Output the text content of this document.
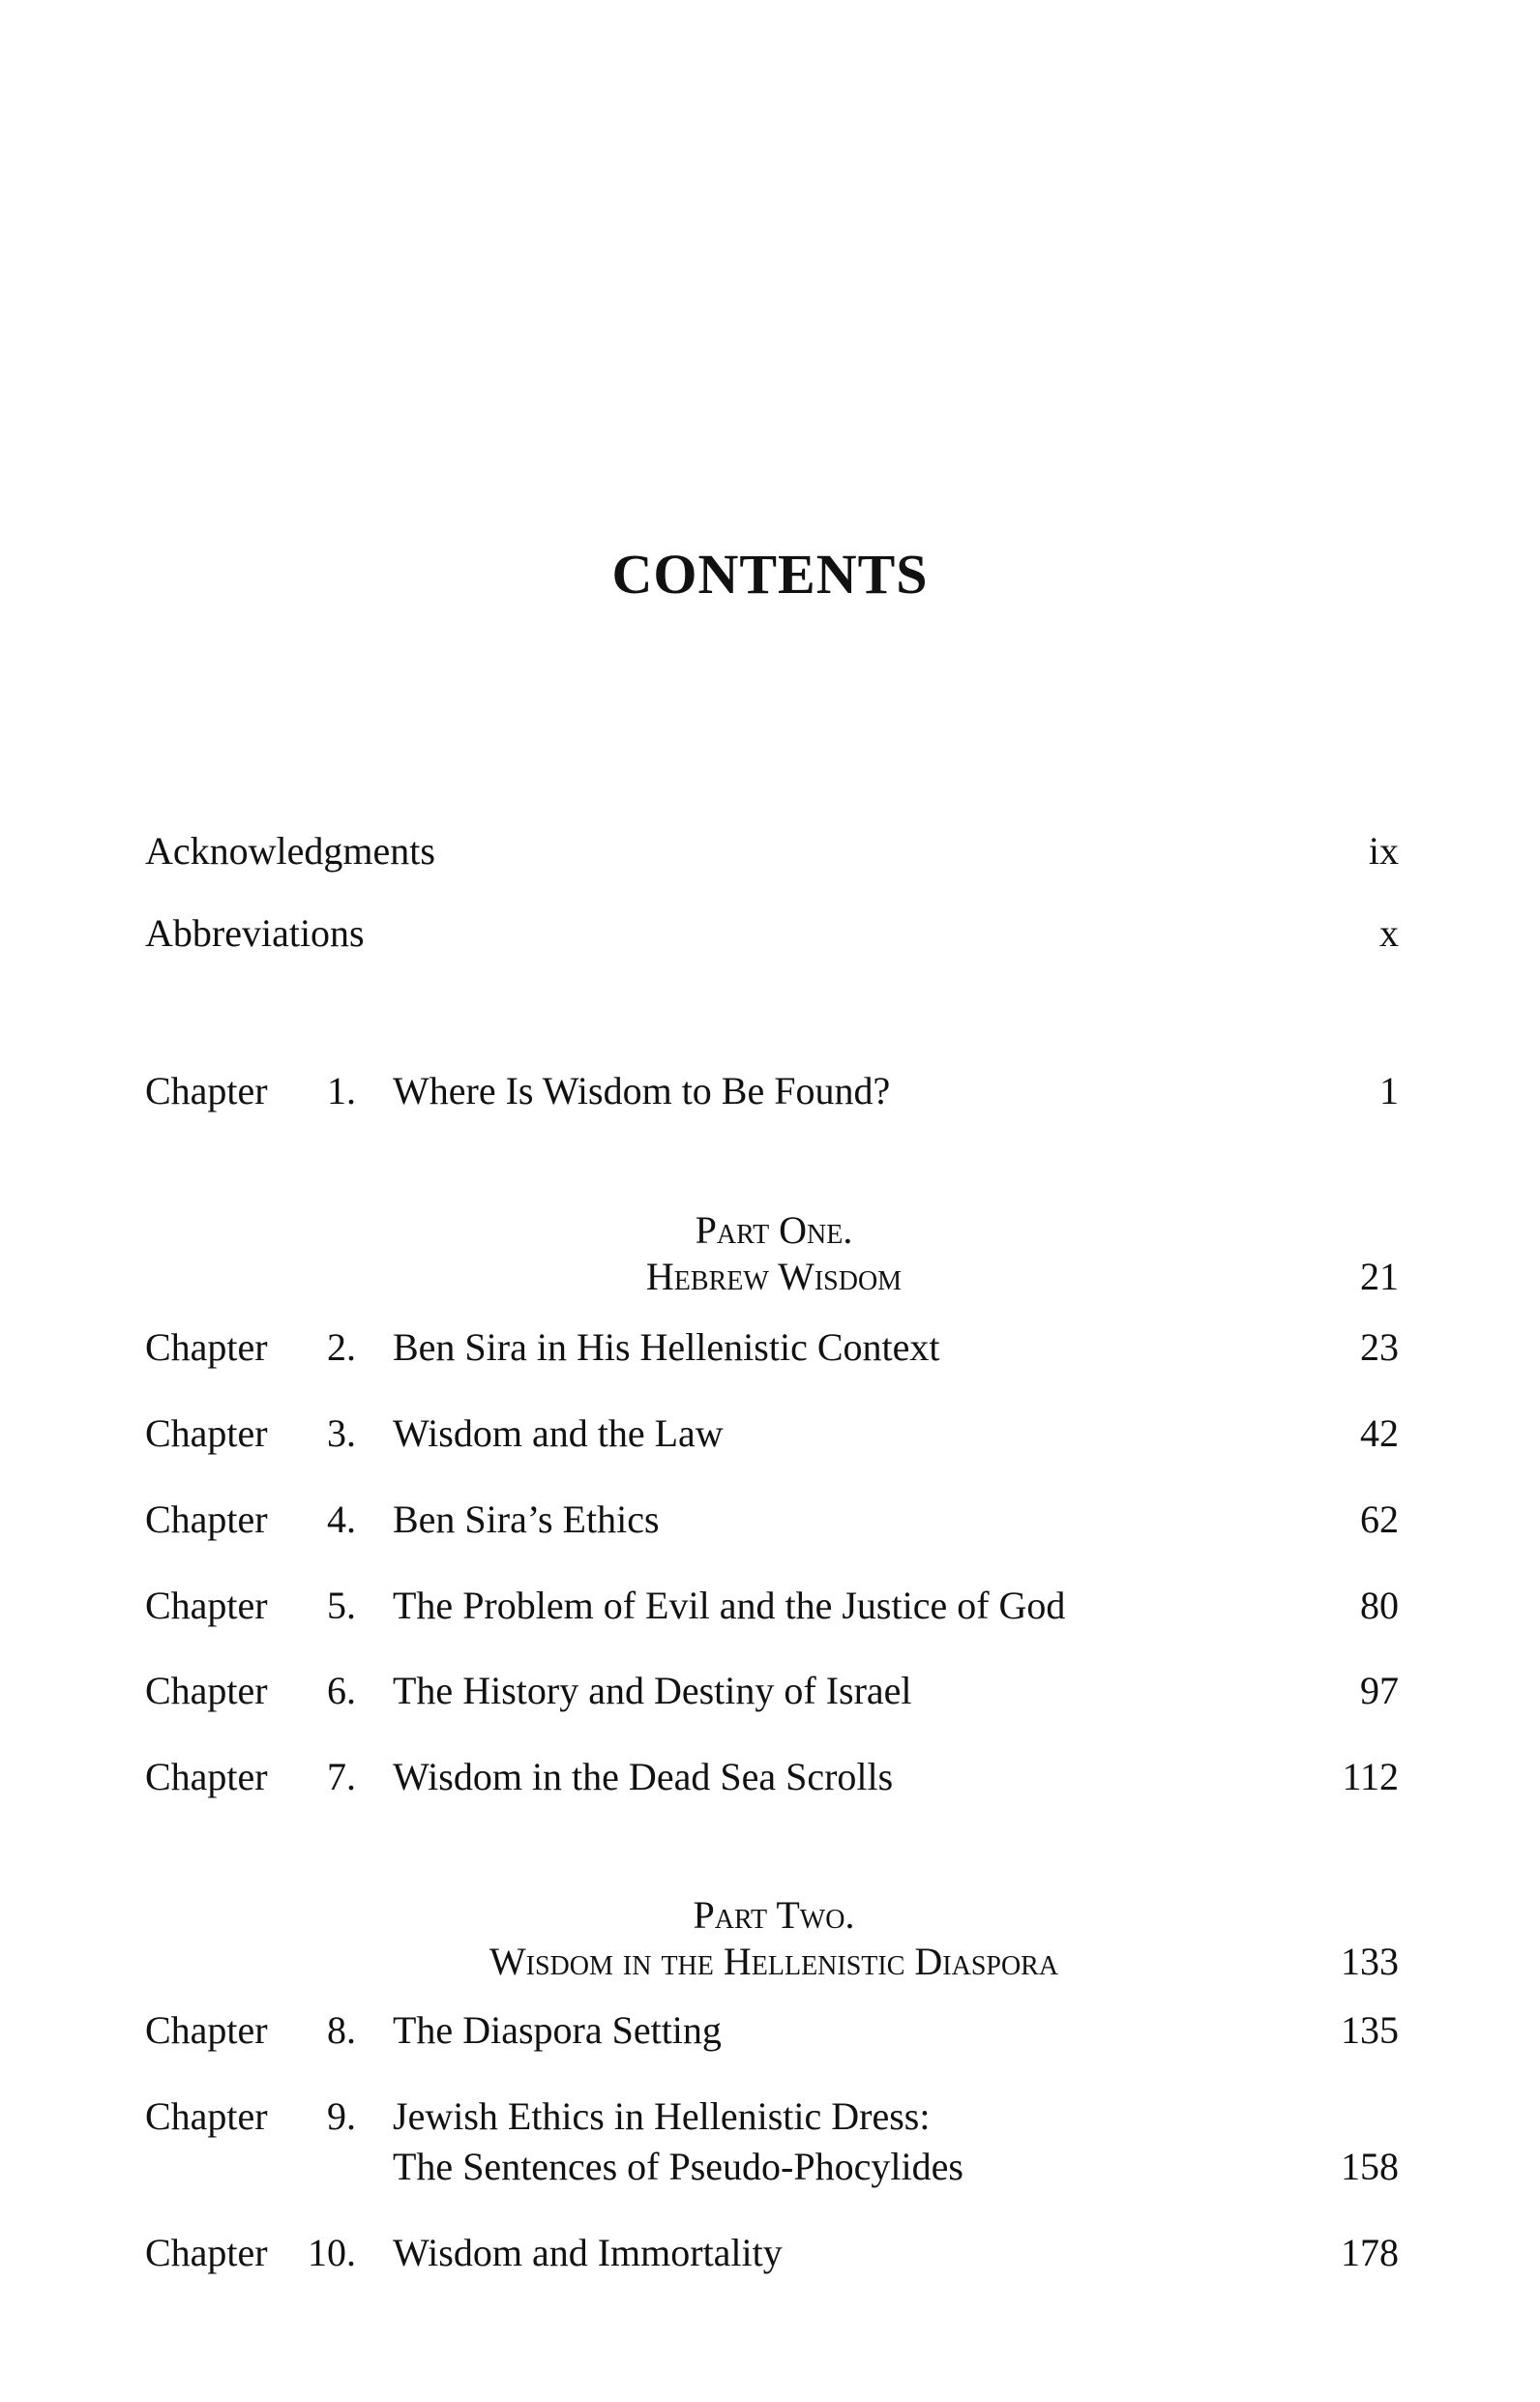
CONTENTS
Acknowledgments	ix
Abbreviations	x
Chapter	1. Where Is Wisdom to Be Found?	1
Part One.
Hebrew Wisdom	21
Chapter	2. Ben Sira in His Hellenistic Context	23
Chapter	3. Wisdom and the Law	42
Chapter	4. Ben Sira’s Ethics	62
Chapter	5. The Problem of Evil and the Justice of God	80
Chapter	6. The History and Destiny of Israel	97
Chapter	7. Wisdom in the Dead Sea Scrolls	112
Part Two.
Wisdom in the Hellenistic Diaspora	133
Chapter	8. The Diaspora Setting	135
Chapter	9. Jewish Ethics in Hellenistic Dress:
The Sentences of Pseudo-Phocylides	158
Chapter	10. Wisdom and Immortality	178
